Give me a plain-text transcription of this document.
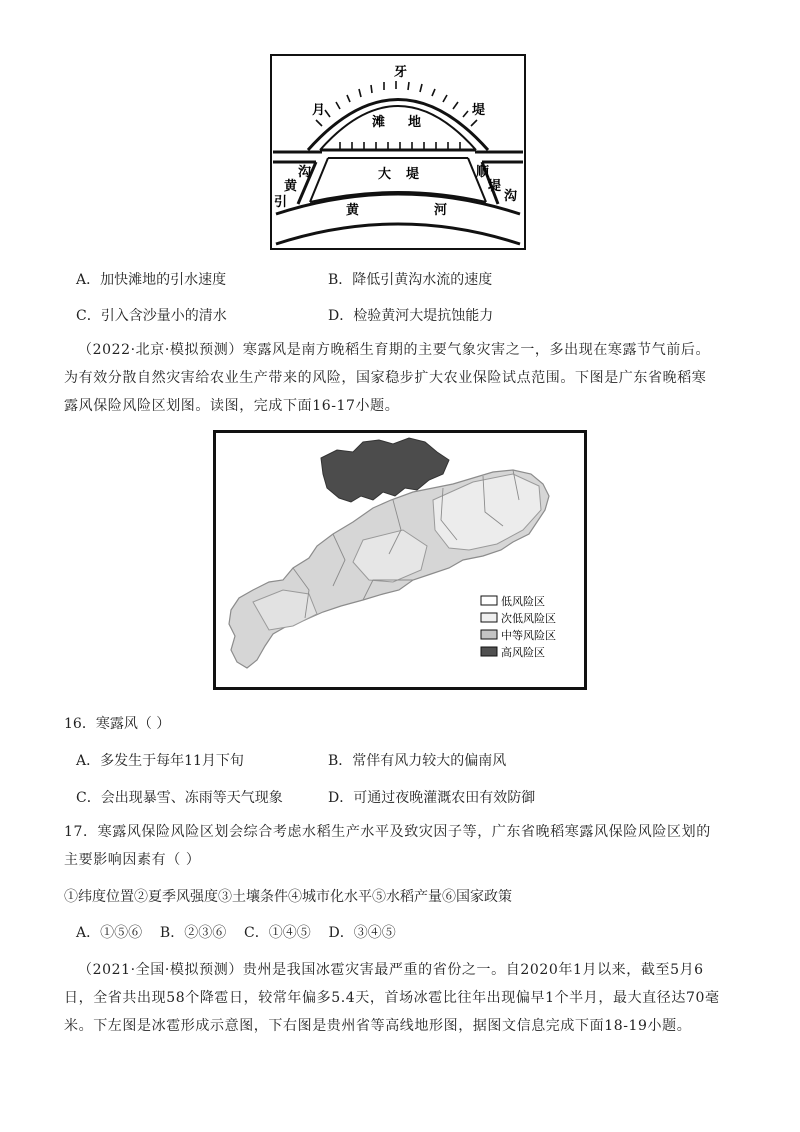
牙
月	堤
滩 地
大 堤
沟
黄
引
顺
堤
沟
黄	河
A．加快滩地的引水速度	B．降低引黄沟水流的速度
C．引入含沙量小的清水	D．检验黄河大堤抗蚀能力
（2022·北京·模拟预测）寒露风是南方晚稻生育期的主要气象灾害之一，多出现在寒露节气前后。为有效分散自然灾害给农业生产带来的风险，国家稳步扩大农业保险试点范围。下图是广东省晚稻寒露风保险风险区划图。读图，完成下面16-17小题。
低风险区
次低风险区
中等风险区
高风险区
16．寒露风（ ）
A．多发生于每年11月下旬	B．常伴有风力较大的偏南风
C．会出现暴雪、冻雨等天气现象	D．可通过夜晚灌溉农田有效防御
17．寒露风保险风险区划会综合考虑水稻生产水平及致灾因子等，广东省晚稻寒露风保险风险区划的主要影响因素有（ ）
①纬度位置②夏季风强度③土壤条件④城市化水平⑤水稻产量⑥国家政策
A．①⑤⑥    B．②③⑥    C．①④⑤    D．③④⑤
（2021·全国·模拟预测）贵州是我国冰雹灾害最严重的省份之一。自2020年1月以来，截至5月6日，全省共出现58个降雹日，较常年偏多5.4天，首场冰雹比往年出现偏早1个半月，最大直径达70毫米。下左图是冰雹形成示意图，下右图是贵州省等高线地形图，据图文信息完成下面18-19小题。
